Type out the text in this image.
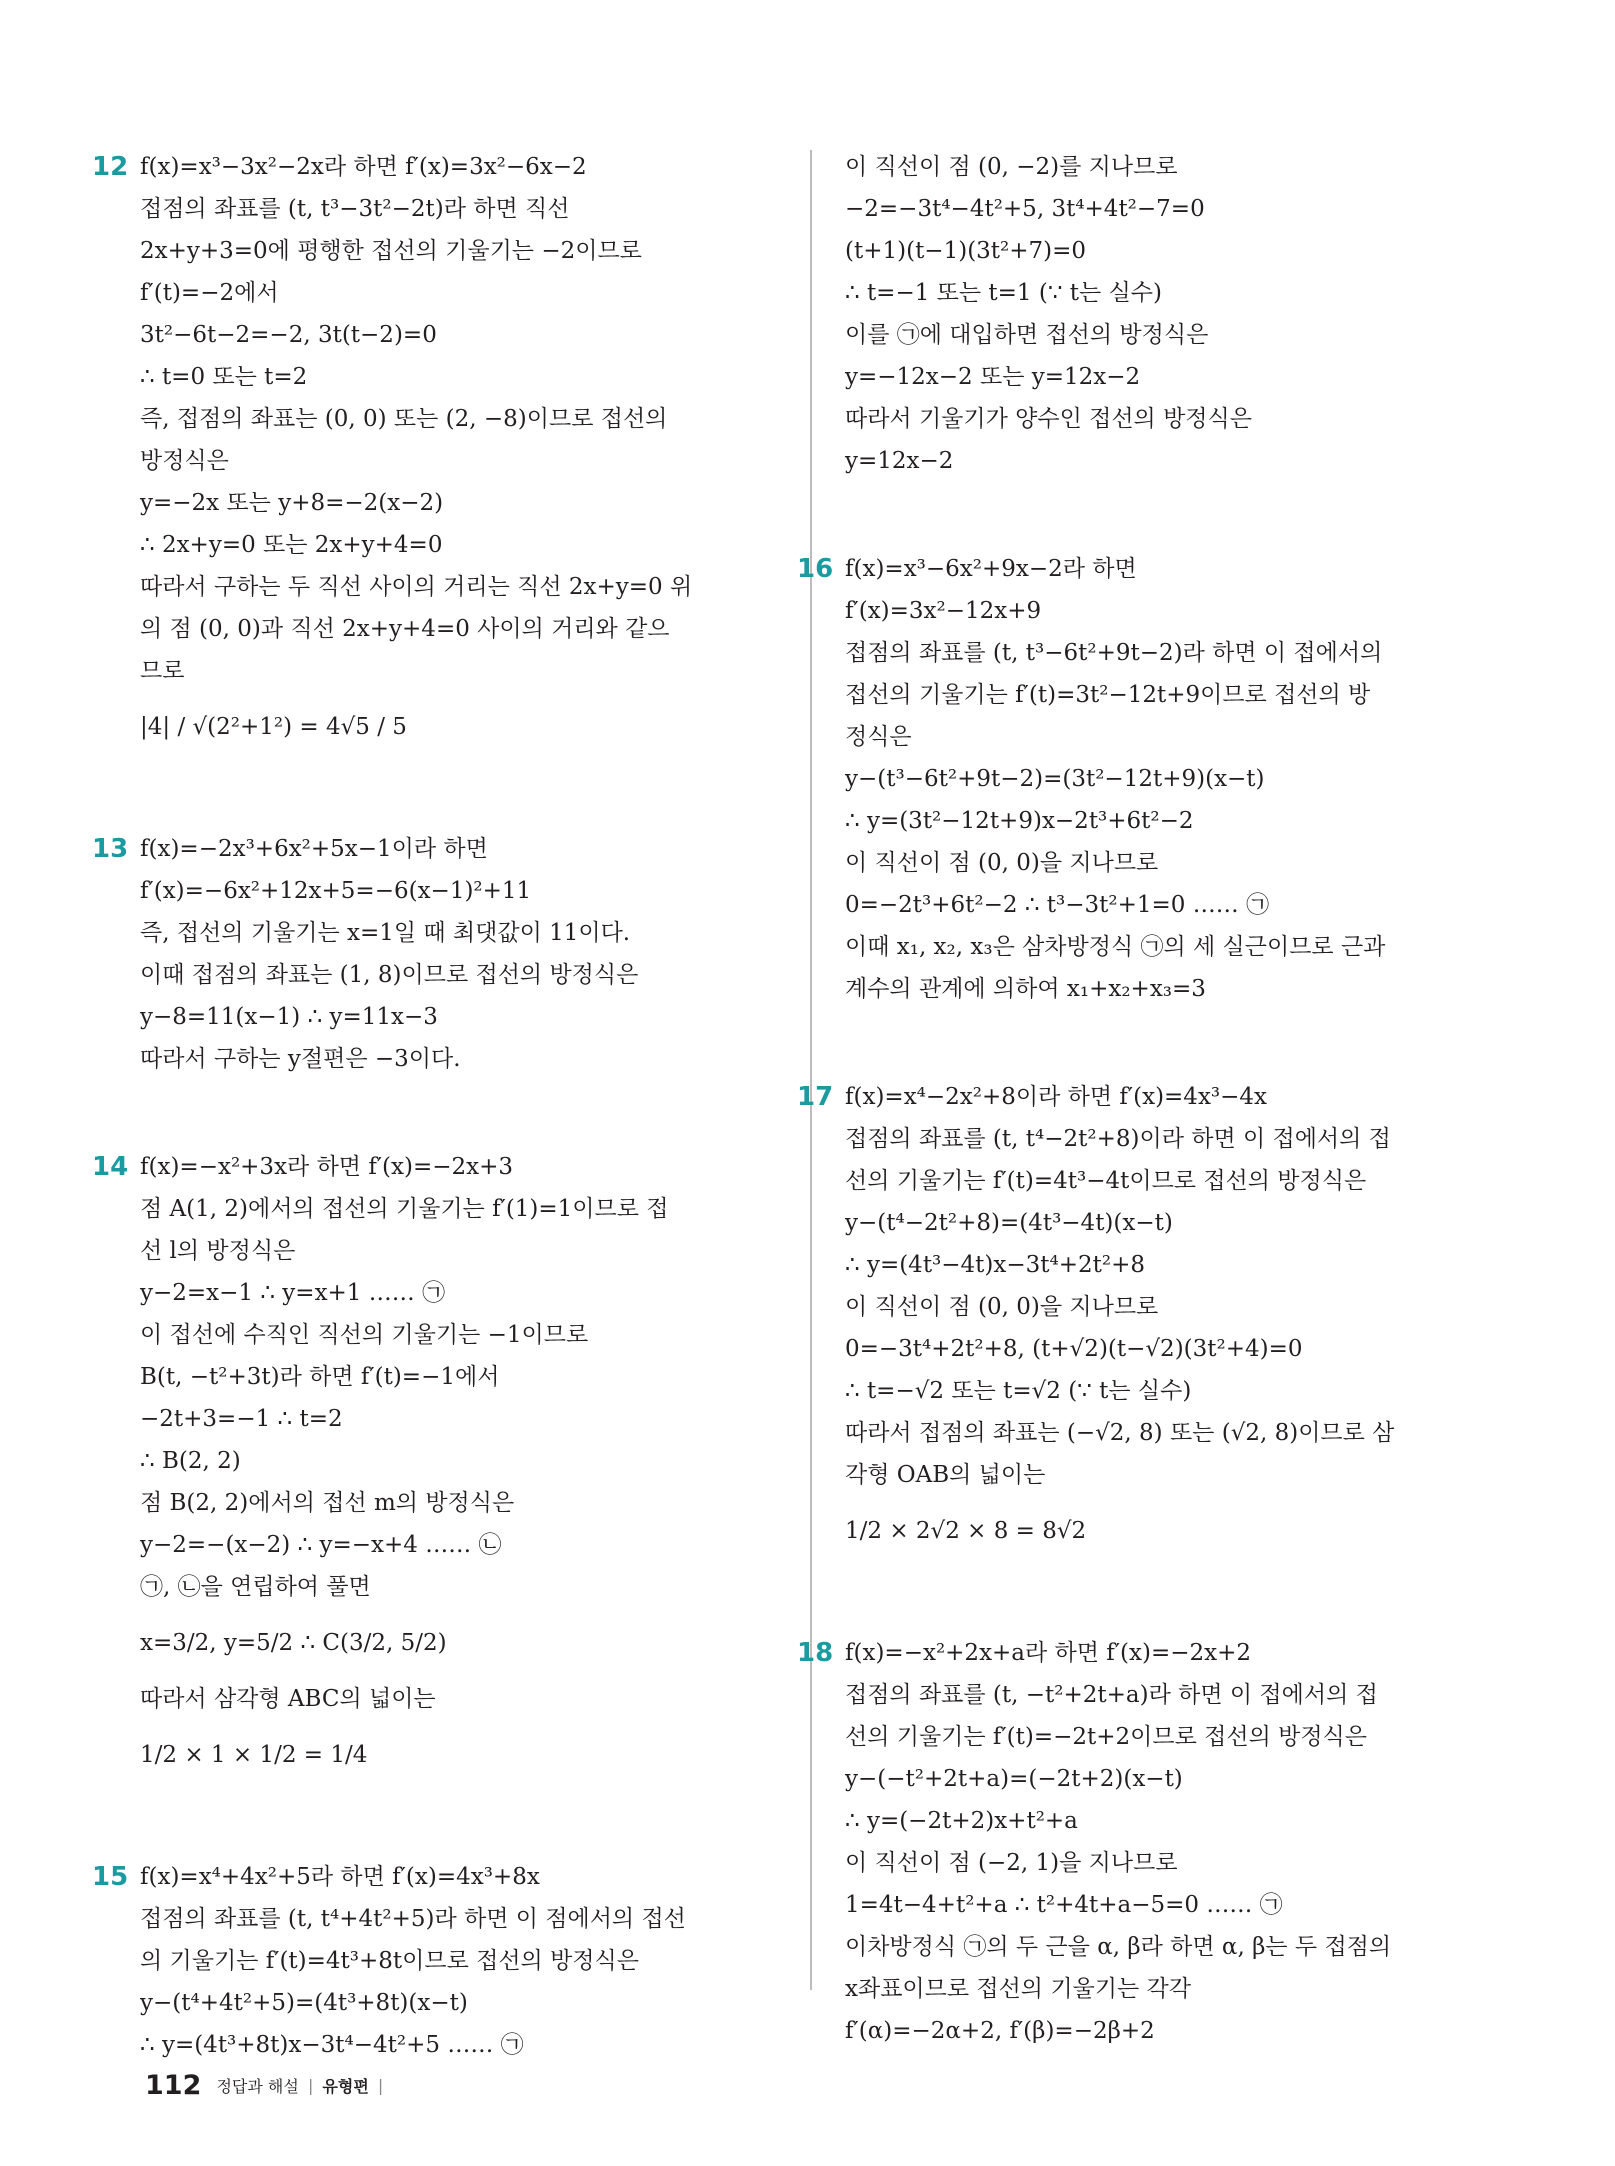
12 f(x)=x³−3x²−2x라 하면 f′(x)=3x²−6x−2
접점의 좌표를 (t, t³−3t²−2t)라 하면 직선
2x+y+3=0에 평행한 접선의 기울기는 −2이므로
f′(t)=−2에서
3t²−6t−2=−2, 3t(t−2)=0
∴ t=0 또는 t=2
즉, 접점의 좌표는 (0, 0) 또는 (2, −8)이므로 접선의
방정식은
y=−2x 또는 y+8=−2(x−2)
∴ 2x+y=0 또는 2x+y+4=0
따라서 구하는 두 직선 사이의 거리는 직선 2x+y=0 위
의 점 (0, 0)과 직선 2x+y+4=0 사이의 거리와 같으
므로
|4| / √(2²+1²) = 4√5 / 5
13 f(x)=−2x³+6x²+5x−1이라 하면
f′(x)=−6x²+12x+5=−6(x−1)²+11
즉, 접선의 기울기는 x=1일 때 최댓값이 11이다.
이때 접점의 좌표는 (1, 8)이므로 접선의 방정식은
y−8=11(x−1) ∴ y=11x−3
따라서 구하는 y절편은 −3이다.
14 f(x)=−x²+3x라 하면 f′(x)=−2x+3
점 A(1, 2)에서의 접선의 기울기는 f′(1)=1이므로 접
선 l의 방정식은
y−2=x−1 ∴ y=x+1 …… ㉠
이 접선에 수직인 직선의 기울기는 −1이므로
B(t, −t²+3t)라 하면 f′(t)=−1에서
−2t+3=−1 ∴ t=2
∴ B(2, 2)
점 B(2, 2)에서의 접선 m의 방정식은
y−2=−(x−2) ∴ y=−x+4 …… ㉡
㉠, ㉡을 연립하여 풀면
x=3/2, y=5/2 ∴ C(3/2, 5/2)
따라서 삼각형 ABC의 넓이는
1/2 × 1 × 1/2 = 1/4
15 f(x)=x⁴+4x²+5라 하면 f′(x)=4x³+8x
접점의 좌표를 (t, t⁴+4t²+5)라 하면 이 점에서의 접선
의 기울기는 f′(t)=4t³+8t이므로 접선의 방정식은
y−(t⁴+4t²+5)=(4t³+8t)(x−t)
∴ y=(4t³+8t)x−3t⁴−4t²+5 …… ㉠
이 직선이 점 (0, −2)를 지나므로
−2=−3t⁴−4t²+5, 3t⁴+4t²−7=0
(t+1)(t−1)(3t²+7)=0
∴ t=−1 또는 t=1 (∵ t는 실수)
이를 ㉠에 대입하면 접선의 방정식은
y=−12x−2 또는 y=12x−2
따라서 기울기가 양수인 접선의 방정식은
y=12x−2
16 f(x)=x³−6x²+9x−2라 하면
f′(x)=3x²−12x+9
접점의 좌표를 (t, t³−6t²+9t−2)라 하면 이 접에서의
접선의 기울기는 f′(t)=3t²−12t+9이므로 접선의 방
정식은
y−(t³−6t²+9t−2)=(3t²−12t+9)(x−t)
∴ y=(3t²−12t+9)x−2t³+6t²−2
이 직선이 점 (0, 0)을 지나므로
0=−2t³+6t²−2 ∴ t³−3t²+1=0 …… ㉠
이때 x₁, x₂, x₃은 삼차방정식 ㉠의 세 실근이므로 근과
계수의 관계에 의하여 x₁+x₂+x₃=3
17 f(x)=x⁴−2x²+8이라 하면 f′(x)=4x³−4x
접점의 좌표를 (t, t⁴−2t²+8)이라 하면 이 접에서의 접
선의 기울기는 f′(t)=4t³−4t이므로 접선의 방정식은
y−(t⁴−2t²+8)=(4t³−4t)(x−t)
∴ y=(4t³−4t)x−3t⁴+2t²+8
이 직선이 점 (0, 0)을 지나므로
0=−3t⁴+2t²+8, (t+√2)(t−√2)(3t²+4)=0
∴ t=−√2 또는 t=√2 (∵ t는 실수)
따라서 접점의 좌표는 (−√2, 8) 또는 (√2, 8)이므로 삼
각형 OAB의 넓이는
1/2 × 2√2 × 8 = 8√2
18 f(x)=−x²+2x+a라 하면 f′(x)=−2x+2
접점의 좌표를 (t, −t²+2t+a)라 하면 이 접에서의 접
선의 기울기는 f′(t)=−2t+2이므로 접선의 방정식은
y−(−t²+2t+a)=(−2t+2)(x−t)
∴ y=(−2t+2)x+t²+a
이 직선이 점 (−2, 1)을 지나므로
1=4t−4+t²+a ∴ t²+4t+a−5=0 …… ㉠
이차방정식 ㉠의 두 근을 α, β라 하면 α, β는 두 접점의
x좌표이므로 접선의 기울기는 각각
f′(α)=−2α+2, f′(β)=−2β+2
112 정답과 해설 | 유형편 |
